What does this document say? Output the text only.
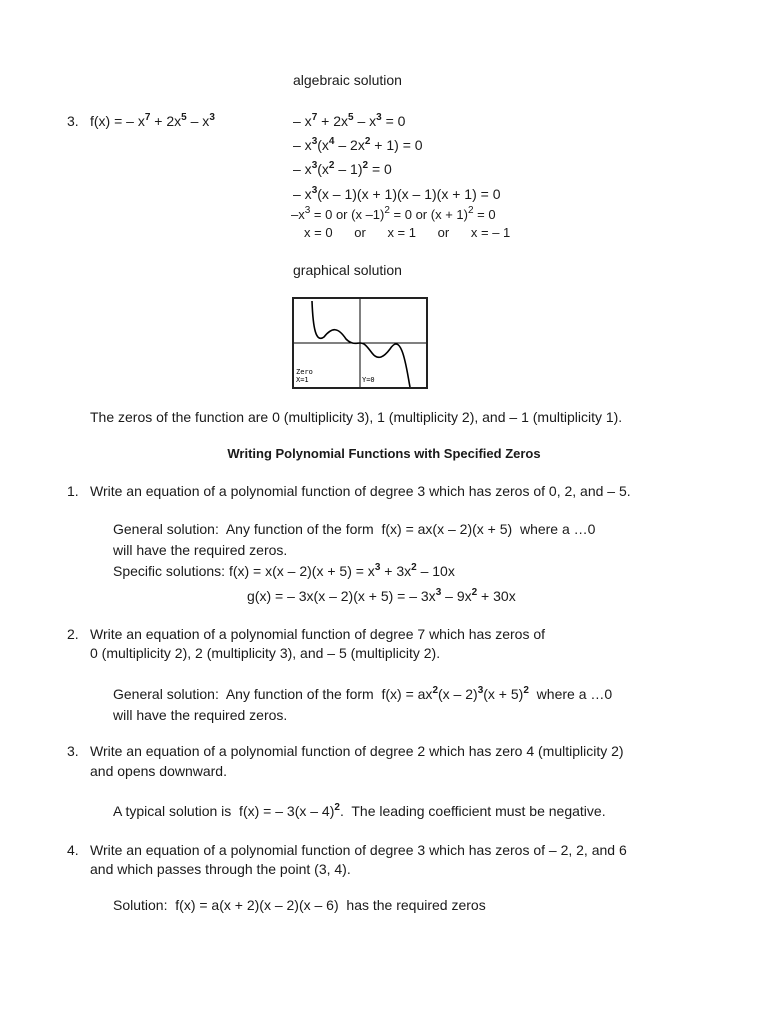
algebraic solution
3. f(x) = – $x^7 + 2x^5 - x^3$	– $x^7 + 2x^5 - x^3 = 0$
– $x^3(x^4 - 2x^2 + 1) = 0$
– $x^3(x^2 - 1)^2 = 0$
– $x^3(x - 1)(x + 1)(x - 1)(x + 1) = 0$
$-x^3 = 0$ or (x –1)$^2$ = 0 or $(x + 1)^2 = 0$
x = 0      or      x = 1      or      x = – 1
graphical solution
Zero
X=1	Y=0
The zeros of the function are 0 (multiplicity 3), 1 (multiplicity 2), and – 1 (multiplicity 1).
Writing Polynomial Functions with Specified Zeros
1. Write an equation of a polynomial function of degree 3 which has zeros of 0, 2, and – 5.
General solution:  Any function of the form  f(x) = ax(x – 2)(x + 5)  where a …0
will have the required zeros.
Specific solutions: $f(x) = x(x - 2)(x + 5) = x^3 + 3x^2 - 10x$
g(x) = – 3x(x – 2)(x + 5) = – $3x^3 - 9x^2 + 30x$
2. Write an equation of a polynomial function of degree 7 which has zeros of
0 (multiplicity 2), 2 (multiplicity 3), and – 5 (multiplicity 2).
General solution:  Any function of the form  $f(x) = ax^2(x - 2)^3(x + 5)^2$  where a …0
will have the required zeros.
3. Write an equation of a polynomial function of degree 2 which has zero 4 (multiplicity 2)
and opens downward.
A typical solution is  f(x) = – 3(x – 4)$^2$.  The leading coefficient must be negative.
4. Write an equation of a polynomial function of degree 3 which has zeros of – 2, 2, and 6
and which passes through the point (3, 4).
Solution:  f(x) = a(x + 2)(x – 2)(x – 6)  has the required zeros
